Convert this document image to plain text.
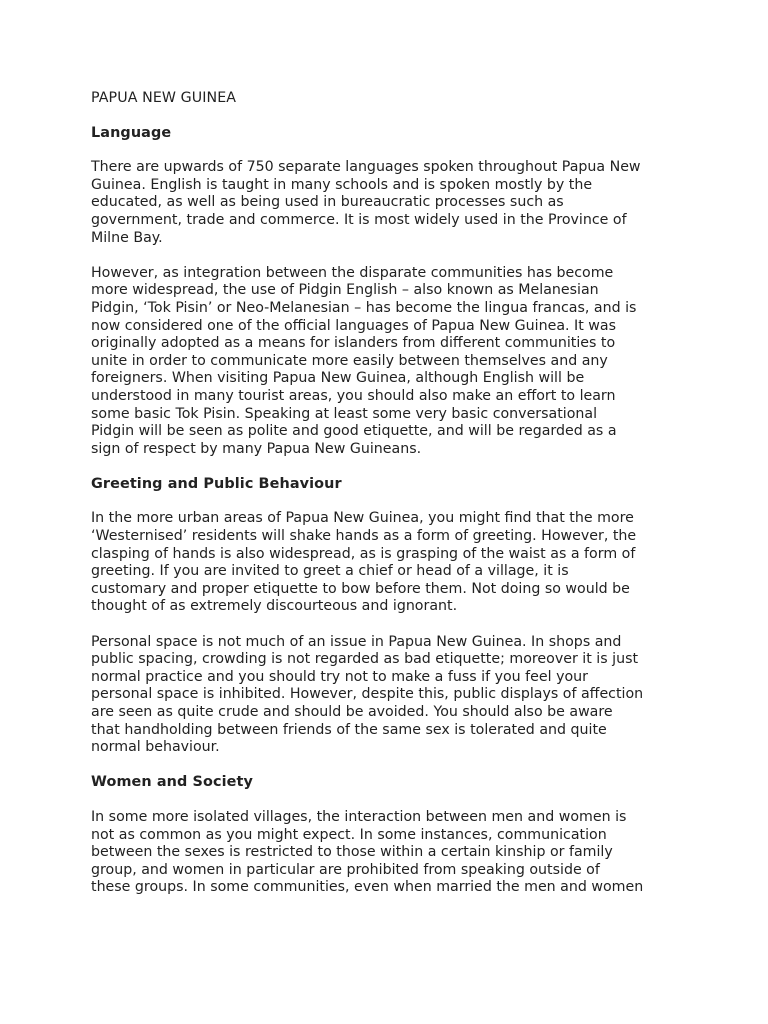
PAPUA NEW GUINEA
Language

There are upwards of 750 separate languages spoken throughout Papua New
Guinea. English is taught in many schools and is spoken mostly by the
educated, as well as being used in bureaucratic processes such as
government, trade and commerce. It is most widely used in the Province of
Milne Bay.

However, as integration between the disparate communities has become
more widespread, the use of Pidgin English – also known as Melanesian
Pidgin, ‘Tok Pisin’ or Neo-Melanesian – has become the lingua francas, and is
now considered one of the official languages of Papua New Guinea. It was
originally adopted as a means for islanders from different communities to
unite in order to communicate more easily between themselves and any
foreigners. When visiting Papua New Guinea, although English will be
understood in many tourist areas, you should also make an effort to learn
some basic Tok Pisin. Speaking at least some very basic conversational
Pidgin will be seen as polite and good etiquette, and will be regarded as a
sign of respect by many Papua New Guineans.

Greeting and Public Behaviour

In the more urban areas of Papua New Guinea, you might find that the more
‘Westernised’ residents will shake hands as a form of greeting. However, the
clasping of hands is also widespread, as is grasping of the waist as a form of
greeting. If you are invited to greet a chief or head of a village, it is
customary and proper etiquette to bow before them. Not doing so would be
thought of as extremely discourteous and ignorant.

Personal space is not much of an issue in Papua New Guinea. In shops and
public spacing, crowding is not regarded as bad etiquette; moreover it is just
normal practice and you should try not to make a fuss if you feel your
personal space is inhibited. However, despite this, public displays of affection
are seen as quite crude and should be avoided. You should also be aware
that handholding between friends of the same sex is tolerated and quite
normal behaviour.

Women and Society

In some more isolated villages, the interaction between men and women is
not as common as you might expect. In some instances, communication
between the sexes is restricted to those within a certain kinship or family
group, and women in particular are prohibited from speaking outside of
these groups. In some communities, even when married the men and women
